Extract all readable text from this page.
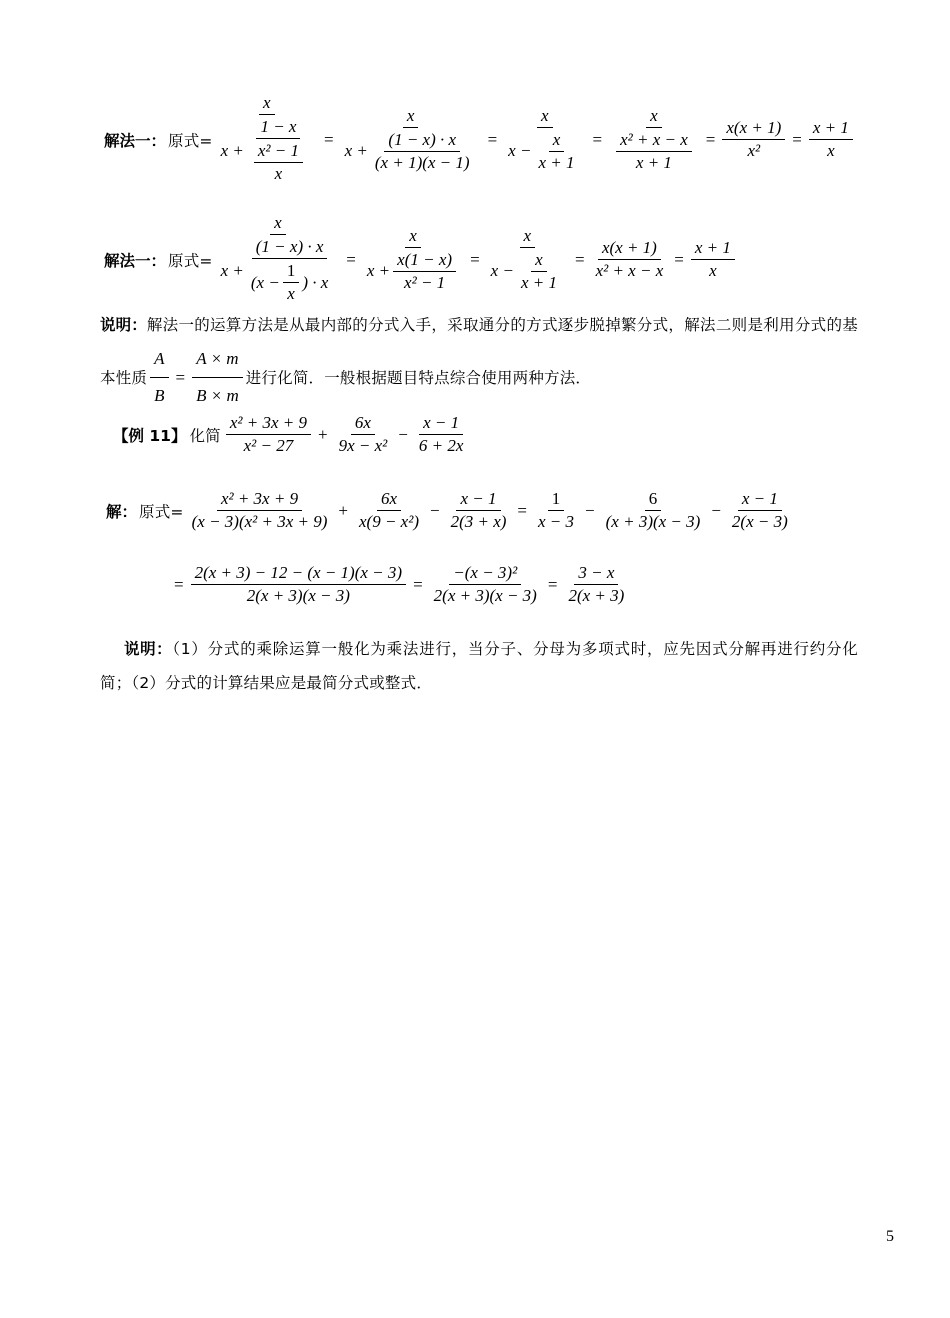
解法一： 原式=
x
$x + \frac{1 - x}{\frac{\text{x² − 1}}{x}}$ =
x
$x + \frac{(1 - x) \cdot x}{(x + 1)(x - 1)} = \frac{x}{x - \frac{x}{x + 1}} = \frac{x}{\frac{\text{x² + x − x}}{x + 1}} = \frac{x(x + 1)}{\text{x²}} = \frac{x + 1}{x}$
解法一： 原式=
x
x +
(1 − x) · x
($x - \frac{1}{x}$ ) · x
= $\frac{x}{x + \frac{x(1 - x)}{\text{x² − 1}}} = \frac{x}{x - \frac{x}{x + 1}} = \frac{x(x + 1)}{\text{x² + x − x}} = \frac{x + 1}{x}$
说明：解法一的运算方法是从最内部的分式入手，采取通分的方式逐步脱掉繁分式，解法二则是利用分式的基本性质 $\frac{A}{B} = \frac{A \times m}{B \times m}$ 进行化简．一般根据题目特点综合使用两种方法．
【例 11】 化简 $\frac{\text{x² + 3x + 9}}{\text{x² − 27}} + \frac{6x}{\text{9x − x²}} - \frac{x - 1}{6 + 2x}$
解： 原式= $\frac{\text{x² + 3x + 9}}{\text{(x − 3)(x² + 3x + 9)}} + \frac{6x}{\text{x(9 − x²)}} - \frac{x - 1}{2(3 + x)} = \frac{1}{x - 3} - \frac{6}{(x + 3)(x - 3)} - \frac{x - 1}{2(x - 3)}$
= $\frac{2(x + 3) - 12 - (x - 1)(x - 3)}{2(x + 3)(x - 3)} = \frac{\text{−(x − 3)²}}{2(x + 3)(x - 3)} = \frac{3 - x}{2(x + 3)}$
说明：（1）分式的乘除运算一般化为乘法进行，当分子、分母为多项式时，应先因式分解再进行约分化简；（2）分式的计算结果应是最简分式或整式．
5
